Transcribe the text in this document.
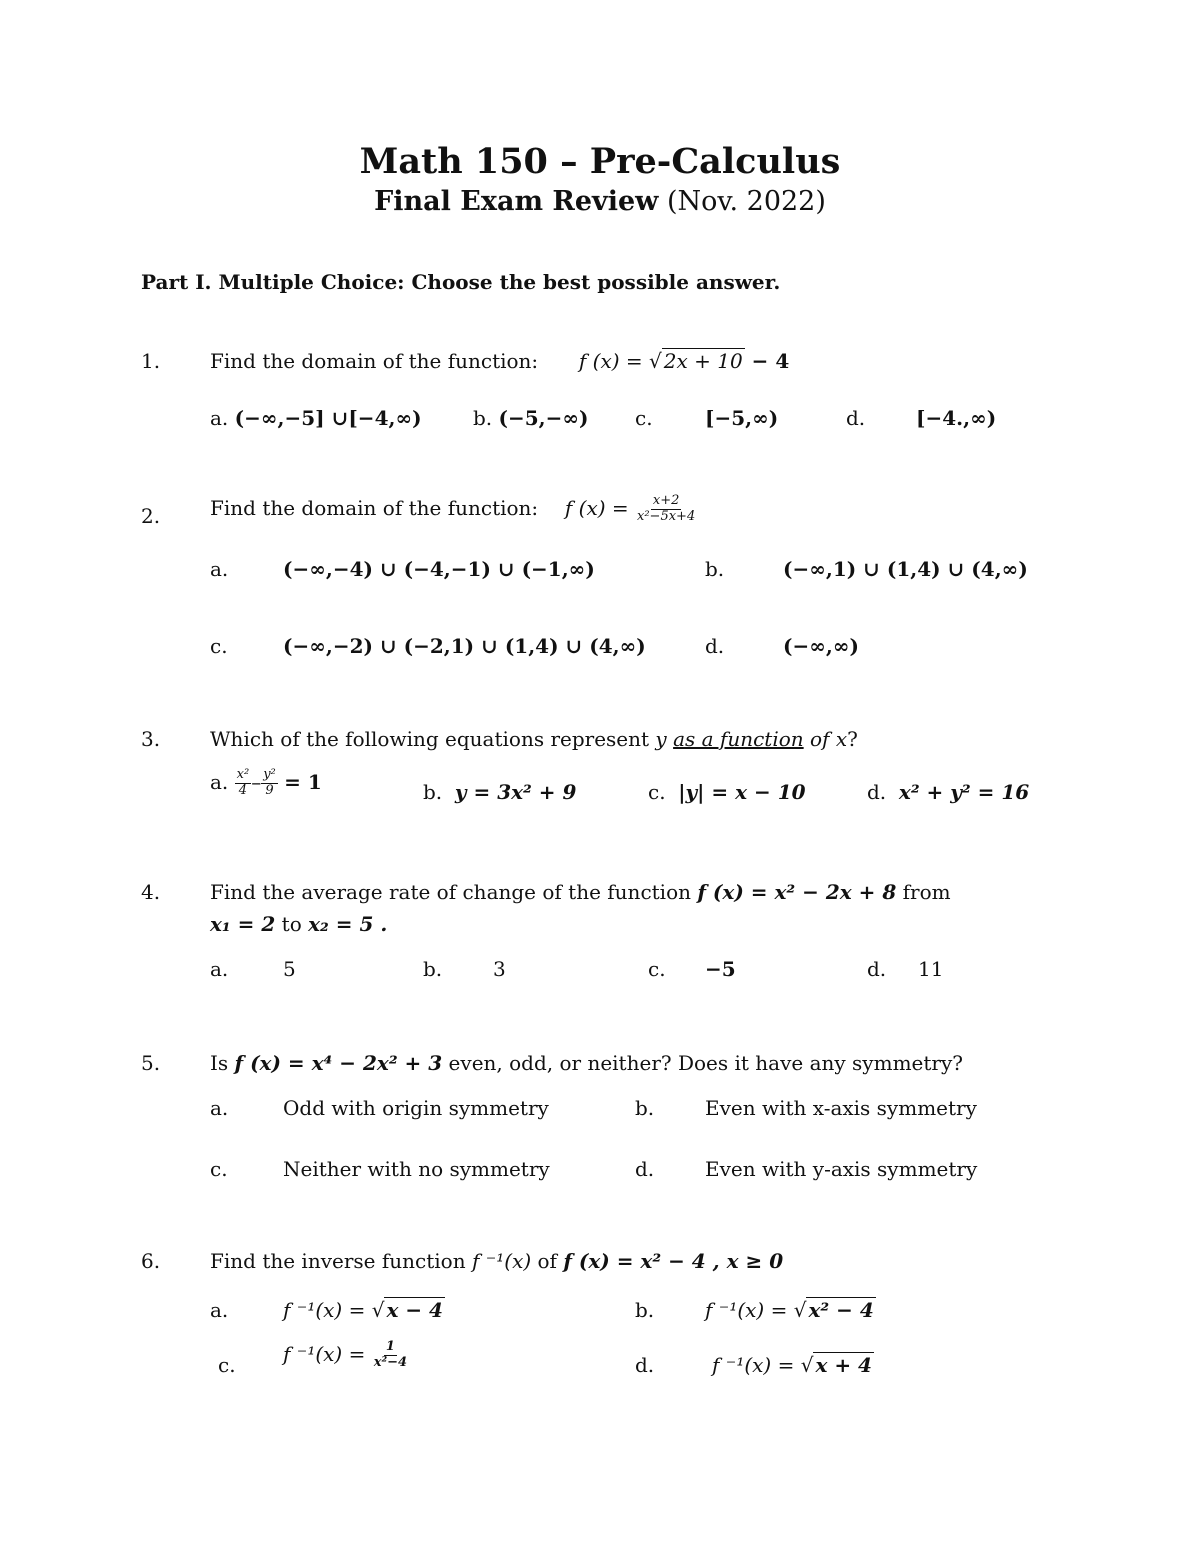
Math 150 – Pre-Calculus
Final Exam Review (Nov. 2022)
Part I. Multiple Choice: Choose the best possible answer.
1. Find the domain of the function: f (x) = √ 2x + 10 − 4
a. (−∞,−5] ∪[−4,∞)	b. (−5,−∞) c.	[−5,∞)	d.	[−4.,∞)
2. Find the domain of the function: f $(x) = \frac{x+2}{\text{x²−5x+4}}$
a.	(−∞,−4) ∪ (−4,−1) ∪ (−1,∞)	b.	(−∞,1) ∪ (1,4) ∪ (4,∞)
c.	(−∞,−2) ∪ (−2,1) ∪ (1,4) ∪ (4,∞)	d.	(−∞,∞)
3. Which of the following equations represent y as a function of x?
a. $\frac{\text{x²}}{4} - \frac{\text{y²}}{9} = 1$	b. y = 3x² + 9	c. |y| = x − 10	d. x² + y² = 16
4. Find the average rate of change of the function f (x) = x² − 2x + 8 from
x₁ = 2 to x₂ = 5 .
a.	5	b.	3	c. −5	d. 11
5. Is f (x) = x⁴ − 2x² + 3 even, odd, or neither? Does it have any symmetry?
a.	Odd with origin symmetry	b.	Even with x-axis symmetry
c.	Neither with no symmetry	d.	Even with y-axis symmetry
6. Find the inverse function f ⁻¹(x) of f (x) = x² − 4 , x ≥ 0
a.	f ⁻¹(x) = √ x − 4	b.	f ⁻¹(x) = √ x² − 4
c. f $^{-1}(x) = \frac{1}{\text{x²−4}}$	d.	f ⁻¹(x) = √ x + 4
